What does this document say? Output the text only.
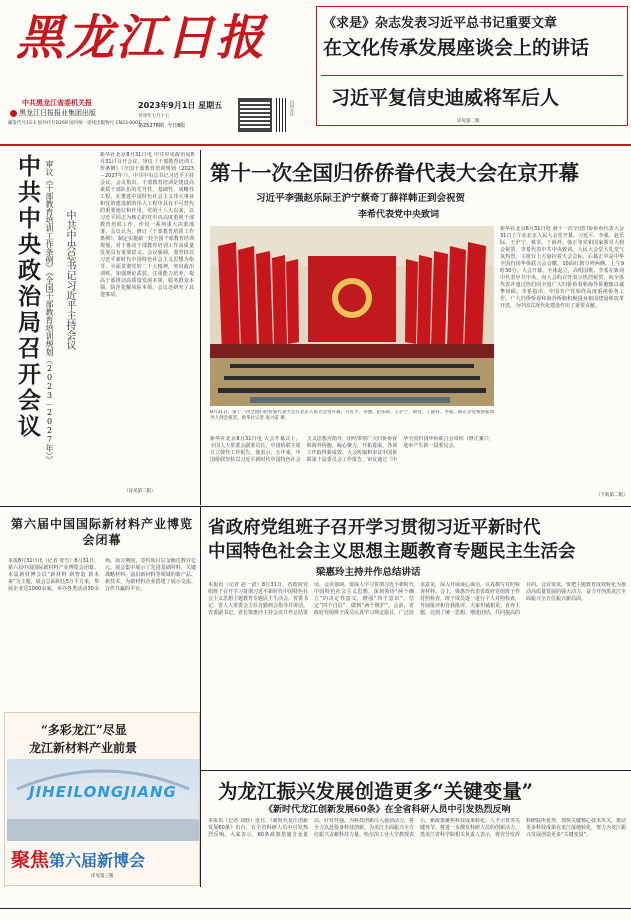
黑龙江日报
中共黑龙江省委机关报
黑龙江日报报业集团出版
邮发代号13-1 国外代号D269 国内统一连续出版物号 CN23-0001
2023年9月1日 星期五
癸卯年七月十七
第25278期 今日8版
扫码关注
《求是》杂志发表习近平总书记重要文章
在文化传承发展座谈会上的讲话
习近平复信史迪威将军后人
详见第二版
中共中央政治局召开会议 中共中央总书记习近平主持会议
审议《干部教育培训工作条例》《全国干部教育培训规划（2023－2027年）》
新华社北京8月31日电 中共中央政治局8月31日召开会议，审议《干部教育培训工作条例》《全国干部教育培训规划（2023－2027年）》。中共中央总书记习近平主持会议。会议指出，干部教育培训是建设高素质干部队伍的先导性、基础性、战略性工程，在推进中国特色社会主义伟大事业和党的建设新的伟大工程中具有不可替代的重要地位和作用。党的十八大以来，以习近平同志为核心的党中央高度重视干部教育培训工作，作出一系列重大决策部署。会议认为，修订《干部教育培训工作条例》、制定实施新一轮全国干部教育培训规划，对于推动干部教育培训工作高质量发展具有重要意义。会议强调，要坚持以习近平新时代中国特色社会主义思想为指导，全面贯彻党的二十大精神，突出政治训练，加强理论武装，注重能力培养，提高干部推动高质量发展本领、服务群众本领、防范化解风险本领。会议还研究了其他事项。
（详见第二版）
第十一次全国归侨侨眷代表大会在京开幕
习近平李强赵乐际王沪宁蔡奇丁薛祥韩正到会祝贺
李希代表党中央致词
8月31日，第十一次全国归侨侨眷代表大会在北京人民大会堂开幕。习近平、李强、赵乐际、王沪宁、蔡奇、丁薛祥、李希、韩正等党和国家领导人到会祝贺。新华社记者 庞兴雷 摄
新华社北京8月31日电 第十一次全国归侨侨眷代表大会31日上午在北京人民大会堂开幕。习近平、李强、赵乐际、王沪宁、蔡奇、丁薛祥、韩正等党和国家领导人到会祝贺，李希代表中共中央致词。人民大会堂大礼堂气氛热烈，主席台上方悬挂着大会会标，后幕正中是中华全国归国华侨联合会会徽，10面红旗分列两侧。上午9时30分，大会开幕。全体起立，高唱国歌。李希在致词中代表中共中央，向大会的召开表示热烈祝贺，向全体代表并通过你们向全国广大归侨侨眷和海外侨胞致以诚挚问候。李希指出，中国共产党始终高度重视侨务工作。广大归侨侨眷和海外侨胞积极投身祖国建设和改革开放，为中国式现代化建设作出了重要贡献。
新华社北京8月31日电 大会开幕式上，全国人大常委会副委员长、中国侨联主席万立骏作工作报告。他表示，五年来，中国侨联坚持以习近平新时代中国特色社会主义思想为指导，团结带领广大归侨侨眷和海外侨胞，凝心聚力、开拓进取，各项工作取得新成效。大会听取和审议中国侨联第十届委员会工作报告，审议通过《中华全国归国华侨联合会章程（修正案）》，选举产生新一届委员会。
（下转第二版）
第六届中国国际新材料产业博览会闭幕
本报8月31日讯（记者 张雪）8月31日，第六届中国国际新材料产业博览会闭幕。本届新材博会以“新材料 新智造 新未来”为主题，展会总面积达5万平方米，参展企业达1000余家，举办各类活动30余场。展会期间，签约项目总金额达数百亿元。展会集中展示了先进基础材料、关键战略材料、前沿新材料等领域的新产品、新技术，为新材料企业搭建了展示交流、合作共赢的平台。
“多彩龙江”尽显
龙江新材料产业前景
JIHEILONGJIANG
聚焦第六届新博会
详见第三版
省政府党组班子召开学习贯彻习近平新时代
中国特色社会主义思想主题教育专题民主生活会
梁惠玲主持并作总结讲话
本报讯（记者 赵一诺）8月31日，省政府党组班子召开学习贯彻习近平新时代中国特色社会主义思想主题教育专题民主生活会。省委书记、省人大常委会主任许勤到会指导并讲话。省委副书记、省长梁惠玲主持会议并作总结讲话。会议强调，要深入学习贯彻习近平新时代中国特色社会主义思想，深刻领悟“两个确立”的决定性意义，增强“四个意识”、坚定“四个自信”、做到“两个维护”。会前，省政府党组班子成员认真学习规定篇目，广泛征求意见，深入开展谈心谈话，认真撰写对照检查材料。会上，梁惠玲代表省政府党组班子作对照检查，班子成员逐一进行个人对照检查，开展批评和自我批评。大家坦诚相见、直奔主题，达到了统一思想、增进团结、共同提高的目的。会议要求，要把主题教育成效转化为推动高质量发展的强大动力，奋力开创黑龙江全面振兴全方位振兴新局面。
为龙江振兴发展创造更多“关键变量”
《新时代龙江创新发展60条》在全省科研人员中引发热烈反响
本报讯（记者 刘欣）近日，《新时代龙江创新发展60条》出台，在全省科研人员中引发热烈反响。大家表示，60条政策措施含金量高、针对性强，为科技创新注入强劲动力，将全力以赴投身科技创新，为龙江全面振兴全方位振兴贡献科技力量。哈尔滨工业大学教授表示，新政策聚焦科技成果转化、人才引育等关键环节，将进一步激发科研人员的创新活力。黑龙江省科学院相关负责人表示，将充分发挥科研院所优势，加快关键核心技术攻关，推动更多科技成果在龙江落地转化，努力为龙江振兴发展创造更多“关键变量”。
